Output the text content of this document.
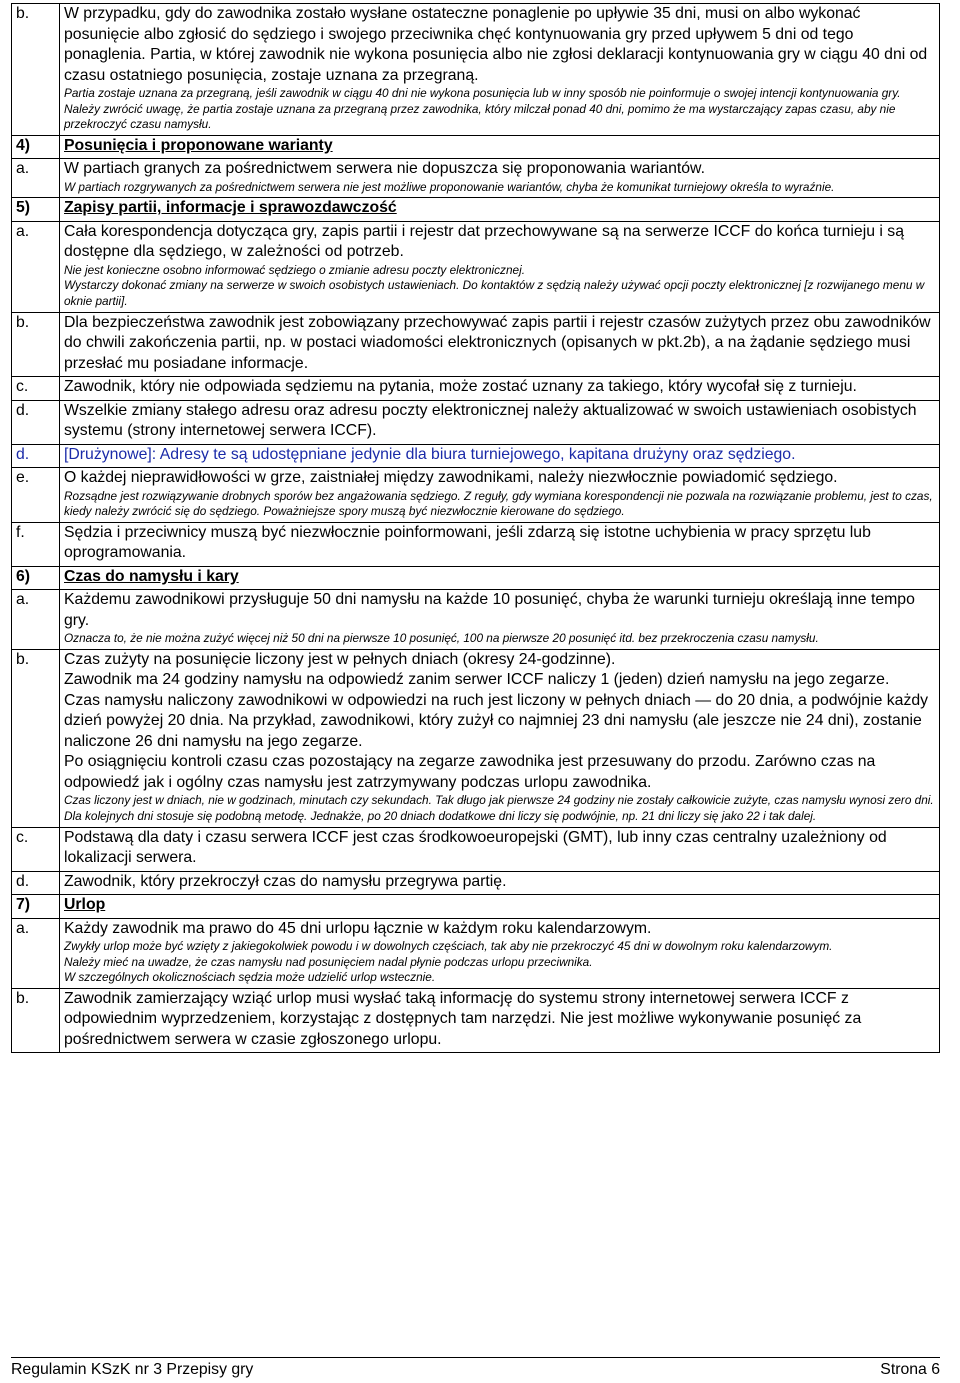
b.	W przypadku, gdy do zawodnika zostało wysłane ostateczne ponaglenie po upływie 35 dni, musi on albo wykonać posunięcie albo zgłosić do sędziego i swojego przeciwnika chęć kontynuowania gry przed upływem 5 dni od tego ponaglenia. Partia, w której zawodnik nie wykona posunięcia albo nie zgłosi deklaracji kontynuowania gry w ciągu 40 dni od czasu ostatniego posunięcia, zostaje uznana za przegraną.
Partia zostaje uznana za przegraną, jeśli zawodnik w ciągu 40 dni nie wykona posunięcia lub w inny sposób nie poinformuje o swojej intencji kontynuowania gry. Należy zwrócić uwagę, że partia zostaje uznana za przegraną przez zawodnika, który milczał ponad 40 dni, pomimo że ma wystarczający zapas czasu, aby nie przekroczyć czasu namysłu.

4)	Posunięcia i proponowane warianty
a.	W partiach granych za pośrednictwem serwera nie dopuszcza się proponowania wariantów.
W partiach rozgrywanych za pośrednictwem serwera nie jest możliwe proponowanie wariantów, chyba że komunikat turniejowy określa to wyraźnie.

5)	Zapisy partii, informacje i sprawozdawczość
a.	Cała korespondencja dotycząca gry, zapis partii i rejestr dat przechowywane są na serwerze ICCF do końca turnieju i są dostępne dla sędziego, w zależności od potrzeb.
Nie jest konieczne osobno informować sędziego o zmianie adresu poczty elektronicznej.
Wystarczy dokonać zmiany na serwerze w swoich osobistych ustawieniach. Do kontaktów z sędzią należy używać opcji poczty elektronicznej [z rozwijanego menu w oknie partii].

b.	Dla bezpieczeństwa zawodnik jest zobowiązany przechowywać zapis partii i rejestr czasów zużytych przez obu zawodników do chwili zakończenia partii, np. w postaci wiadomości elektronicznych (opisanych w pkt.2b), a na żądanie sędziego musi przesłać mu posiadane informacje.
c.	Zawodnik, który nie odpowiada sędziemu na pytania, może zostać uznany za takiego, który wycofał się z turnieju.
d.	Wszelkie zmiany stałego adresu oraz adresu poczty elektronicznej należy aktualizować w swoich ustawieniach osobistych systemu (strony internetowej serwera ICCF).
d.	[Drużynowe]: Adresy te są udostępniane jedynie dla biura turniejowego, kapitana drużyny oraz sędziego.
e.	O każdej nieprawidłowości w grze, zaistniałej między zawodnikami, należy niezwłocznie powiadomić sędziego.
Rozsądne jest rozwiązywanie drobnych sporów bez angażowania sędziego. Z reguły, gdy wymiana korespondencji nie pozwala na rozwiązanie problemu, jest to czas, kiedy należy zwrócić się do sędziego. Poważniejsze spory muszą być niezwłocznie kierowane do sędziego.

f.	Sędzia i przeciwnicy muszą być niezwłocznie poinformowani, jeśli zdarzą się istotne uchybienia w pracy sprzętu lub oprogramowania.
6)	Czas do namysłu i kary
a.	Każdemu zawodnikowi przysługuje 50 dni namysłu na każde 10 posunięć, chyba że warunki turnieju określają inne tempo gry.
Oznacza to, że nie można zużyć więcej niż 50 dni na pierwsze 10 posunięć, 100 na pierwsze 20 posunięć itd. bez przekroczenia czasu namysłu.

b.	Czas zużyty na posunięcie liczony jest w pełnych dniach (okresy 24-godzinne).
Zawodnik ma 24 godziny namysłu na odpowiedź zanim serwer ICCF naliczy 1 (jeden) dzień namysłu na jego zegarze.
Czas namysłu naliczony zawodnikowi w odpowiedzi na ruch jest liczony w pełnych dniach — do 20 dnia, a podwójnie każdy dzień powyżej 20 dnia. Na przykład, zawodnikowi, który zużył co najmniej 23 dni namysłu (ale jeszcze nie 24 dni), zostanie naliczone 26 dni namysłu na jego zegarze.
Po osiągnięciu kontroli czasu czas pozostający na zegarze zawodnika jest przesuwany do przodu. Zarówno czas na odpowiedź jak i ogólny czas namysłu jest zatrzymywany podczas urlopu zawodnika.
Czas liczony jest w dniach, nie w godzinach, minutach czy sekundach. Tak długo jak pierwsze 24 godziny nie zostały całkowicie zużyte, czas namysłu wynosi zero dni. Dla kolejnych dni stosuje się podobną metodę. Jednakże, po 20 dniach dodatkowe dni liczy się podwójnie, np. 21 dni liczy się jako 22 i tak dalej.

c.	Podstawą dla daty i czasu serwera ICCF jest czas środkowoeuropejski (GMT), lub inny czas centralny uzależniony od lokalizacji serwera.
d.	Zawodnik, który przekroczył czas do namysłu przegrywa partię.
7)	Urlop
a.	Każdy zawodnik ma prawo do 45 dni urlopu łącznie w każdym roku kalendarzowym.
Zwykły urlop może być wzięty z jakiegokolwiek powodu i w dowolnych częściach, tak aby nie przekroczyć 45 dni w dowolnym roku kalendarzowym.
Należy mieć na uwadze, że czas namysłu nad posunięciem nadal płynie podczas urlopu przeciwnika.
W szczególnych okolicznościach sędzia może udzielić urlop wstecznie.

b.	Zawodnik zamierzający wziąć urlop musi wysłać taką informację do systemu strony internetowej serwera ICCF z odpowiednim wyprzedzeniem, korzystając z dostępnych tam narzędzi. Nie jest możliwe wykonywanie posunięć za pośrednictwem serwera w czasie zgłoszonego urlopu.
Regulamin KSzK nr 3 Przepisy gry	Strona 6
